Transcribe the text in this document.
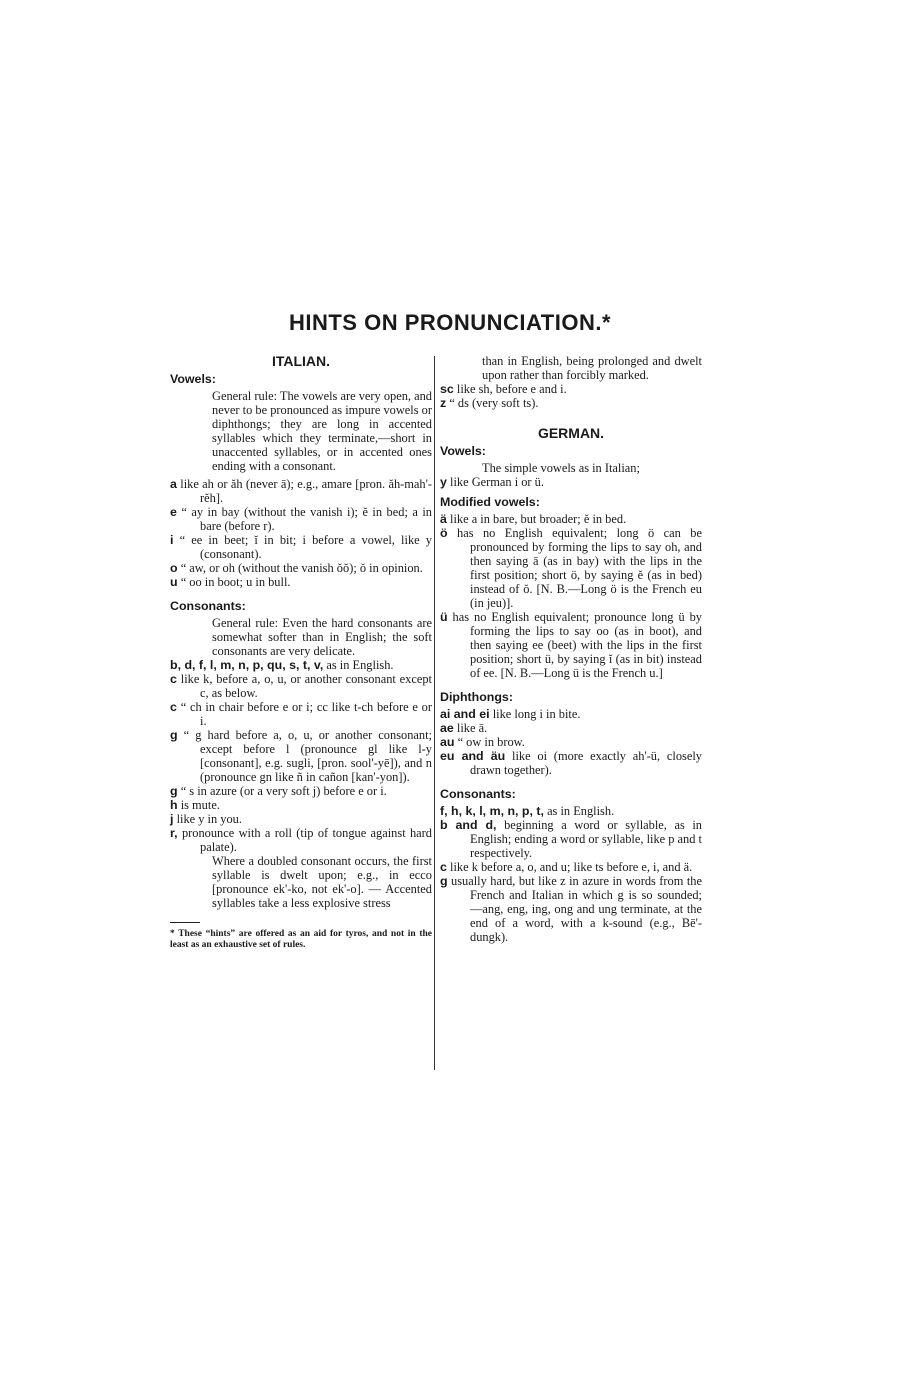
HINTS ON PRONUNCIATION.*
ITALIAN.
Vowels:

General rule: The vowels are very open, and never to be pronounced as impure vowels or diphthongs; they are long in accented syllables which they terminate,—short in unaccented syllables, or in accented ones ending with a consonant.

a like ah or ăh (never ā); e.g., amare [pron. ăh-mah'-rĕh].

e “ ay in bay (without the vanish i); ĕ in bed; a in bare (before r).

i “ ee in beet; ĭ in bit; i before a vowel, like y (consonant).

o “ aw, or oh (without the vanish ŏŏ); ŏ in opinion.

u “ oo in boot; u in bull.

Consonants:

General rule: Even the hard consonants are somewhat softer than in English; the soft consonants are very delicate.

b, d, f, l, m, n, p, qu, s, t, v, as in English.

c like k, before a, o, u, or another consonant except c, as below.

c “ ch in chair before e or i; cc like t-ch before e or i.

g “ g hard before a, o, u, or another consonant; except before l (pronounce gl like l-y [consonant], e.g. sugli, [pron. sool'-yē]), and n (pronounce gn like ñ in cañon [kan'-yon]).

g “ s in azure (or a very soft j) before e or i.

h is mute.

j like y in you.

r, pronounce with a roll (tip of tongue against hard palate).

Where a doubled consonant occurs, the first syllable is dwelt upon; e.g., in ecco [pronounce ek'-ko, not ek'-o]. — Accented syllables take a less explosive stress

* These “hints” are offered as an aid for tyros, and not in the least as an exhaustive set of rules.

than in English, being prolonged and dwelt upon rather than forcibly marked.

sc like sh, before e and i.

z “ ds (very soft ts).

GERMAN.
Vowels:

The simple vowels as in Italian;

y like German i or ü.

Modified vowels:

ä like a in bare, but broader; ĕ in bed.

ö has no English equivalent; long ö can be pronounced by forming the lips to say oh, and then saying ā (as in bay) with the lips in the first position; short ö, by saying ĕ (as in bed) instead of ŏ. [N. B.—Long ö is the French eu (in jeu)].

ü has no English equivalent; pronounce long ü by forming the lips to say oo (as in boot), and then saying ee (beet) with the lips in the first position; short ü, by saying ĭ (as in bit) instead of ee. [N. B.—Long ü is the French u.]

Diphthongs:

ai and ei like long i in bite.

ae like ā.

au “ ow in brow.

eu and äu like oi (more exactly ah'-ü, closely drawn together).

Consonants:

f, h, k, l, m, n, p, t, as in English.

b and d, beginning a word or syllable, as in English; ending a word or syllable, like p and t respectively.

c like k before a, o, and u; like ts before e, i, and ä.

g usually hard, but like z in azure in words from the French and Italian in which g is so sounded; —ang, eng, ing, ong and ung terminate, at the end of a word, with a k-sound (e.g., Bē'-dungk).
